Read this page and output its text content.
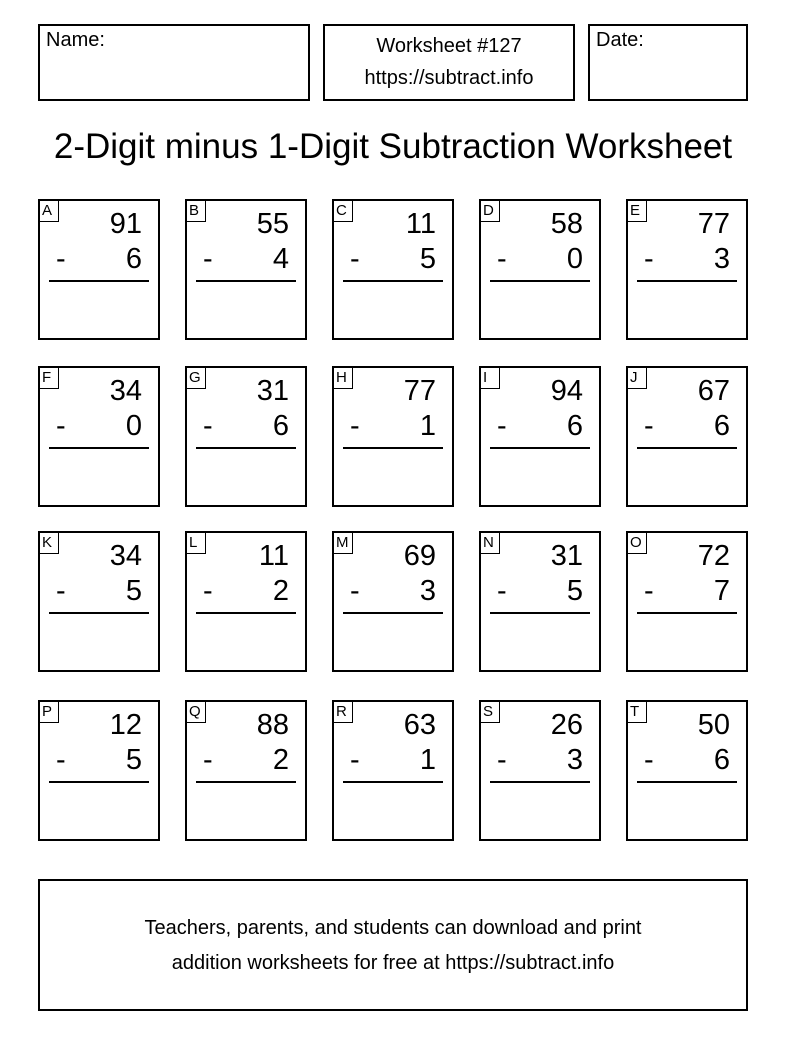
Name:	Worksheet #127
https://subtract.info
Date:
2-Digit minus 1-Digit Subtraction Worksheet
A 91
- 6
B 55
- 4
C 11
- 5
D 58
- 0
E 77
- 3
F 34
- 0
G 31
- 6
H 77
- 1
I	94
- 6
J	67
- 6
K 34
- 5
L 11
- 2
M 69
- 3
N 31
- 5
O 72
- 7
P 12
- 5
Q 88
- 2
R 63
- 1
S 26
- 3
T 50
- 6
Teachers, parents, and students can download and print
addition worksheets for free at https://subtract.info
